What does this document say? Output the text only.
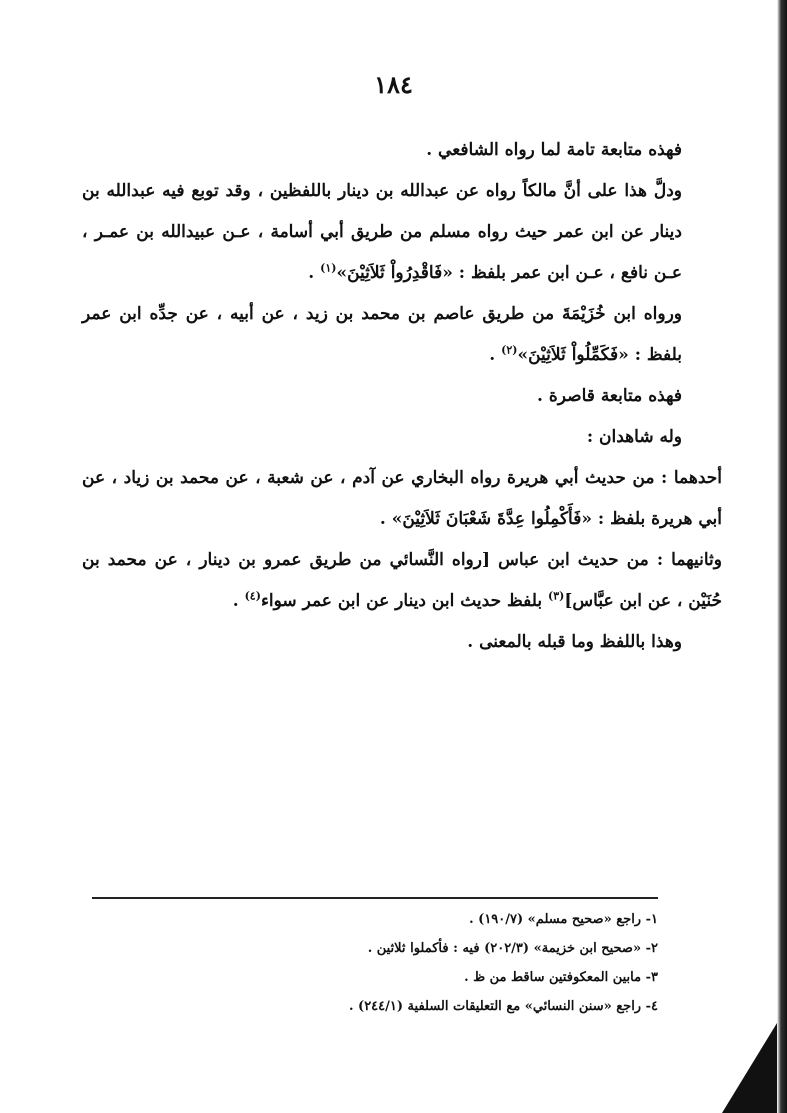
١٨٤

فهذه متابعة تامة لما رواه الشافعي .

ودلَّ هذا على أنَّ مالكاً رواه عن عبدالله بن دينار باللفظين ، وقد توبع فيه عبدالله بن دينار عن ابن عمر حيث رواه مسلم من طريق أبي أسامة ، عـن عبيدالله بن عمـر ، عـن نافع ، عـن ابن عمر بلفظ : «فَاقْدِرُواْ ثَلاَثِيْنَ»$^{(١)}$ .

ورواه ابن خُزَيْمَةَ من طريق عاصم بن محمد بن زيد ، عن أبيه ، عن جدِّه ابن عمر بلفظ : «فَكَمِّلُواْ ثَلاَثِيْنَ»$^{(٢)}$ .

فهذه متابعة قاصرة .

وله شاهدان :

أحدهما : من حديث أبي هريرة رواه البخاري عن آدم ، عن شعبة ، عن محمد بن زياد ، عن أبي هريرة بلفظ : «فَأَكْمِلُوا عِدَّةَ شَعْبَانَ ثَلاَثِيْنَ» .

وثانيهما : من حديث ابن عباس [رواه النَّسائي من طريق عمرو بن دينار ، عن محمد بن حُنَيْن ، عن ابن عبَّاس]$^{(٣)}$ بلفظ حديث ابن دينار عن ابن عمر سواء$^{(٤)}$ .

وهذا باللفظ وما قبله بالمعنى .

١- راجع «صحيح مسلم» (١٩٠/٧) .

٢- «صحيح ابن خزيمة» (٢٠٢/٣) فيه : فأكملوا ثلاثين .

٣- مابين المعكوفتين ساقط من ظ .

٤- راجع «سنن النسائي» مع التعليقات السلفية (٢٤٤/١) .
